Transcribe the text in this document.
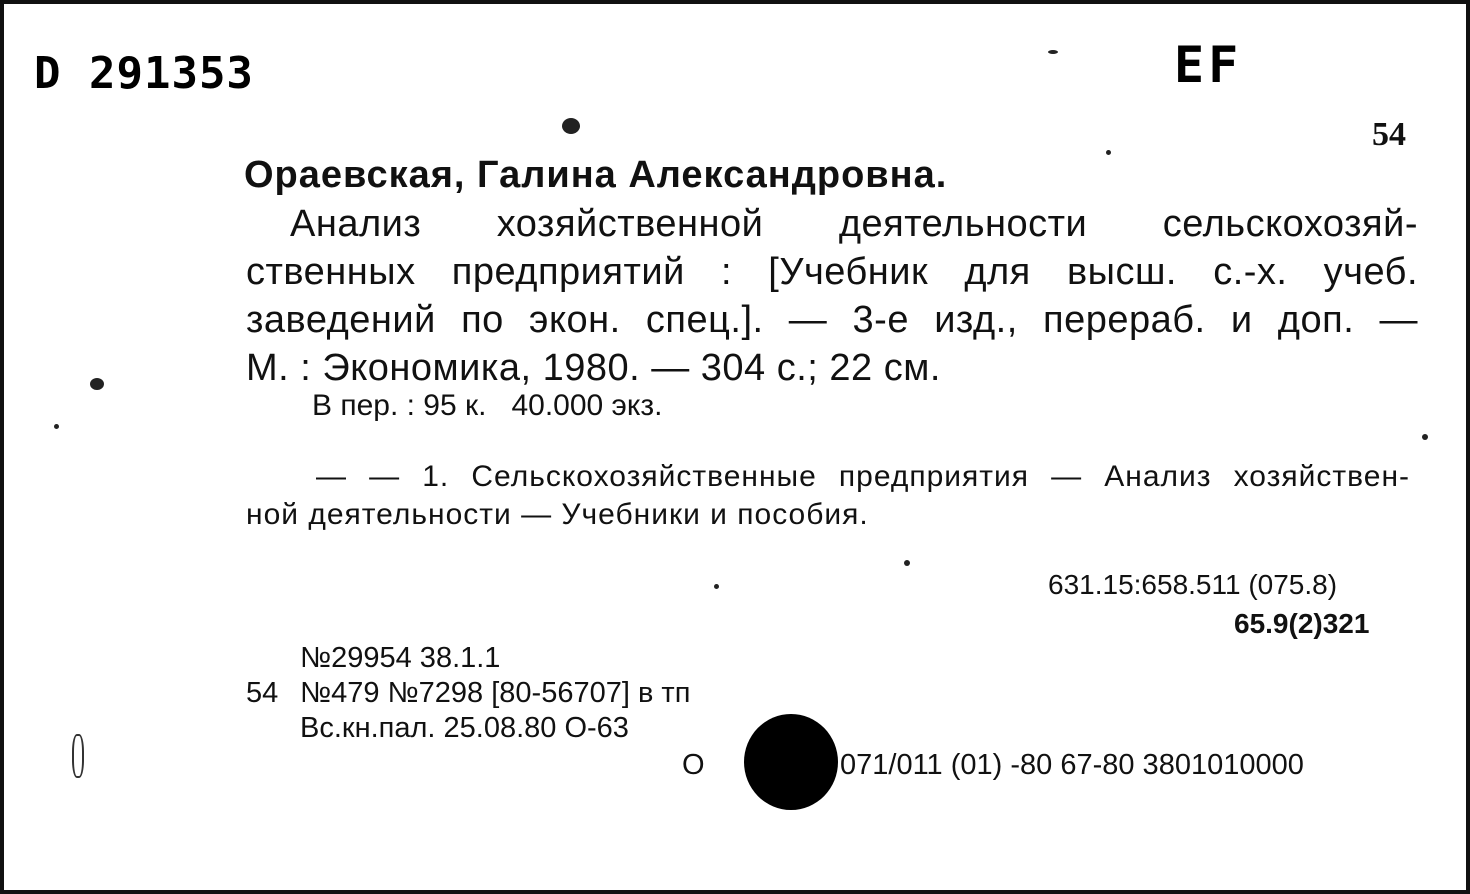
D 291353	EF
54
Ораевская, Галина Александровна.
Анализ хозяйственной деятельности сельскохозяй-
ственных предприятий : [Учебник для высш. с.-х. учеб.
заведений по экон. спец.]. — 3-е изд., перераб. и доп. —
М. : Экономика, 1980. — 304 с.; 22 см.
В пер. : 95 к.   40.000 экз.
— — 1. Сельскохозяйственные предприятия — Анализ хозяйствен-
ной деятельности — Учебники и пособия.
631.15:658.511 (075.8)
65.9(2)321
№29954 38.1.1
54 №479 №7298 [80-56707] в тп
Вс.кн.пал. 25.08.80 О-63
О	071/011 (01) -80 67-80 3801010000
